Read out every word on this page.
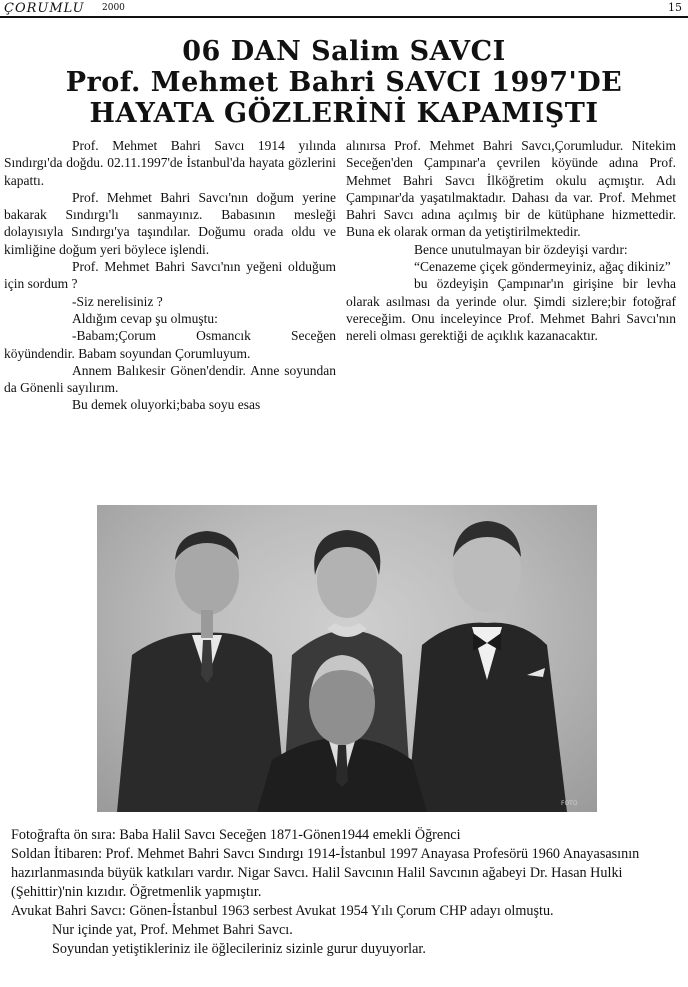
ÇORUMLU 2000	15
06 DAN Salim SAVCI
Prof. Mehmet Bahri SAVCI 1997'DE
HAYATA GÖZLERİNİ KAPAMIŞTI

Prof. Mehmet Bahri Savcı 1914 yılında Sındırgı'da doğdu. 02.11.1997'de İstanbul'da hayata gözlerini kapattı.

Prof. Mehmet Bahri Savcı'nın doğum yerine bakarak Sındırgı'lı sanmayınız. Babasının mesleği dolayısıyla Sındırgı'ya taşındılar. Doğumu orada oldu ve kimliğine doğum yeri böylece işlendi.

Prof. Mehmet Bahri Savcı'nın yeğeni olduğum için sordum ?

-Siz nerelisiniz ?

Aldığım cevap şu olmuştu:

-Babam;Çorum Osmancık Seceğen köyündendir. Babam soyundan Çorumluyum.

Annem Balıkesir Gönen'dendir. Anne soyundan da Gönenli sayılırım.

Bu demek oluyorki;baba soyu esas

alınırsa Prof. Mehmet Bahri Savcı,Çorumludur. Nitekim Seceğen'den Çampınar'a çevrilen köyünde adına Prof. Mehmet Bahri Savcı İlköğretim okulu açmıştır. Adı Çampınar'da yaşatılmaktadır. Dahası da var. Prof. Mehmet Bahri Savcı adına açılmış bir de kütüphane hizmettedir. Buna ek olarak orman da yetiştirilmektedir.

Bence unutulmayan bir özdeyişi vardır:

“Cenazeme çiçek göndermeyiniz, ağaç dikiniz”

bu özdeyişin Çampınar'ın girişine bir levha olarak asılması da yerinde olur. Şimdi sizlere;bir fotoğraf vereceğim. Onu inceleyince Prof. Mehmet Bahri Savcı'nın nereli olması gerektiği de açıklık kazanacaktır.

FOTO

Fotoğrafta ön sıra: Baba Halil Savcı Seceğen 1871-Gönen1944 emekli Öğrenci

Soldan İtibaren: Prof. Mehmet Bahri Savcı Sındırgı 1914-İstanbul 1997 Anayasa Profesörü 1960 Anayasasının hazırlanmasında büyük katkıları vardır. Nigar Savcı. Halil Savcının Halil Savcının ağabeyi Dr. Hasan Hulki (Şehittir)'nin kızıdır. Öğretmenlik yapmıştır.

Avukat Bahri Savcı: Gönen-İstanbul 1963 serbest Avukat 1954 Yılı Çorum CHP adayı olmuştu.

Nur içinde yat, Prof. Mehmet Bahri Savcı.

Soyundan yetiştikleriniz ile öğlecileriniz sizinle gurur duyuyorlar.
